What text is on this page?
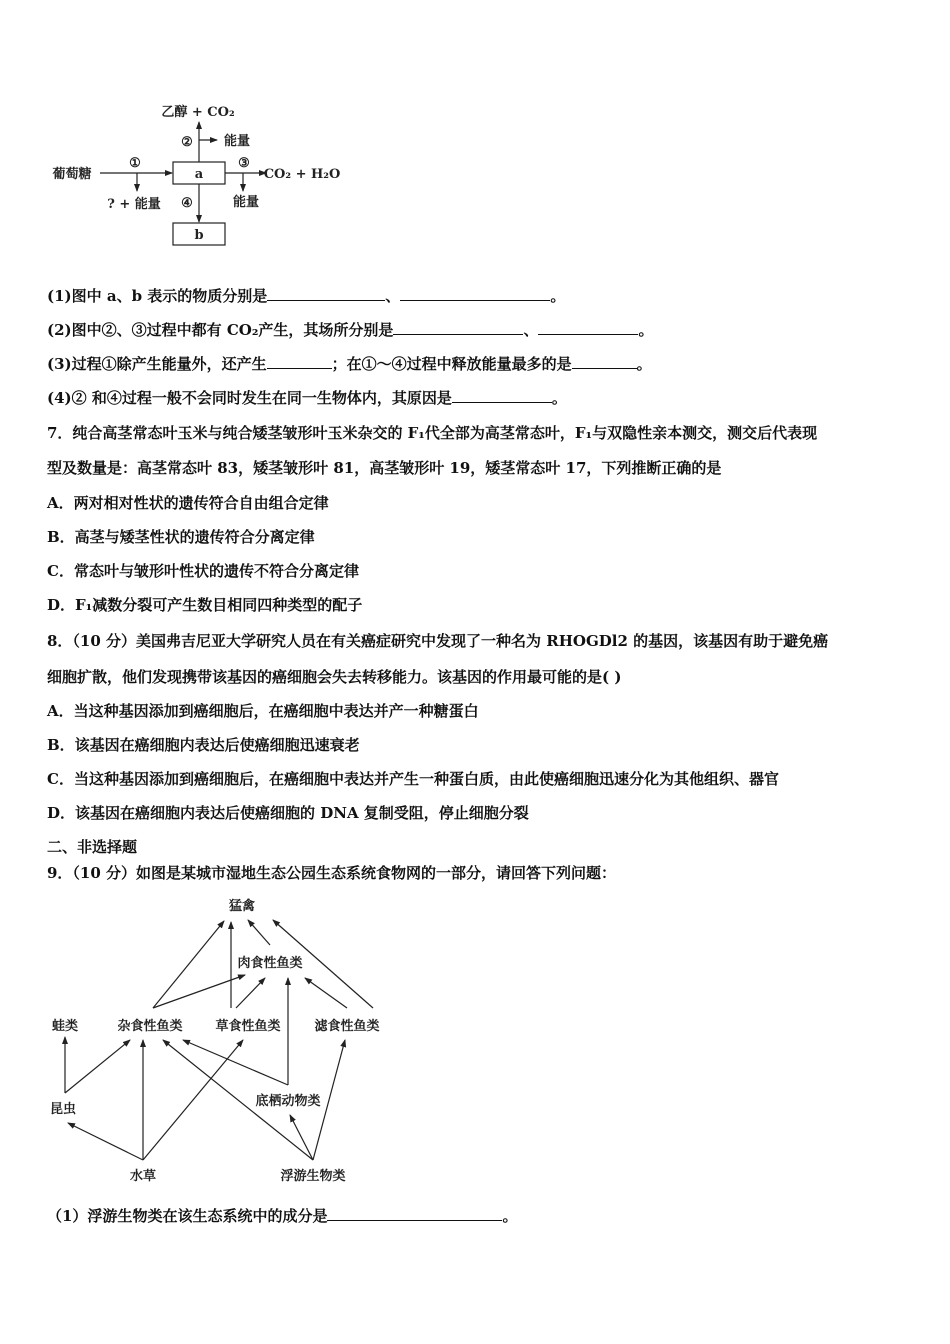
乙醇 + CO₂
葡萄糖	a
b
①
②
③
④
? + 能量
能量
CO₂ + H₂O
能量
猛禽
肉食性鱼类
蛙类	杂食性鱼类	草食性鱼类	滤食性鱼类
昆虫
底栖动物类
水草	浮游生物类
(1)图中 a、b 表示的物质分别是	、	。
(2)图中②、③过程中都有 CO₂产生，其场所分别是	、	。
(3)过程①除产生能量外，还产生	；在①～④过程中释放能量最多的是	。
(4)② 和④过程一般不会同时发生在同一生物体内，其原因是	。
7．纯合高茎常态叶玉米与纯合矮茎皱形叶玉米杂交的 F₁代全部为高茎常态叶，F₁与双隐性亲本测交，测交后代表现
型及数量是：高茎常态叶 83，矮茎皱形叶 81，高茎皱形叶 19，矮茎常态叶 17，下列推断正确的是
A．两对相对性状的遗传符合自由组合定律
B．高茎与矮茎性状的遗传符合分离定律
C．常态叶与皱形叶性状的遗传不符合分离定律
D．F₁减数分裂可产生数目相同四种类型的配子
8．（10 分）美国弗吉尼亚大学研究人员在有关癌症研究中发现了一种名为 RHOGDl2 的基因，该基因有助于避免癌
细胞扩散，他们发现携带该基因的癌细胞会失去转移能力。该基因的作用最可能的是( )
A．当这种基因添加到癌细胞后，在癌细胞中表达并产一种糖蛋白
B．该基因在癌细胞内表达后使癌细胞迅速衰老
C．当这种基因添加到癌细胞后，在癌细胞中表达并产生一种蛋白质，由此使癌细胞迅速分化为其他组织、器官
D．该基因在癌细胞内表达后使癌细胞的 DNA 复制受阻，停止细胞分裂
二、非选择题
9．（10 分）如图是某城市湿地生态公园生态系统食物网的一部分，请回答下列问题：
（1）浮游生物类在该生态系统中的成分是	。
